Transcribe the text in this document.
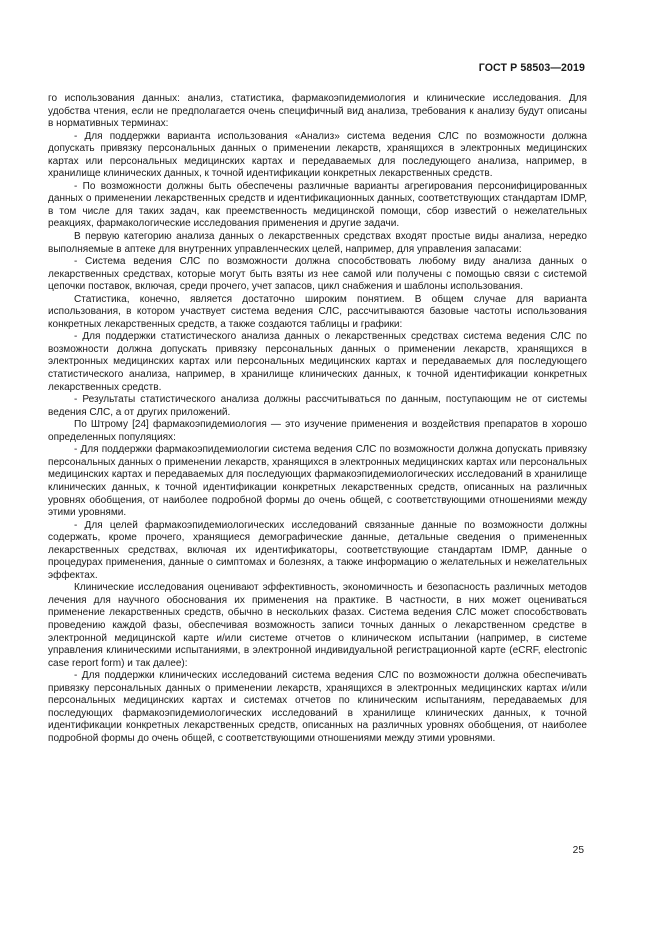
ГОСТ Р 58503—2019

го использования данных: анализ, статистика, фармакоэпидемиология и клинические исследования. Для удобства чтения, если не предполагается очень специфичный вид анализа, требования к анализу будут описаны в нормативных терминах:

- Для поддержки варианта использования «Анализ» система ведения СЛС по возможности должна допускать привязку персональных данных о применении лекарств, хранящихся в электронных медицинских картах или персональных медицинских картах и передаваемых для последующего анализа, например, в хранилище клинических данных, к точной идентификации конкретных лекарственных средств.

- По возможности должны быть обеспечены различные варианты агрегирования персонифицированных данных о применении лекарственных средств и идентификационных данных, соответствующих стандартам IDMP, в том числе для таких задач, как преемственность медицинской помощи, сбор известий о нежелательных реакциях, фармакологические исследования применения и другие задачи.

В первую категорию анализа данных о лекарственных средствах входят простые виды анализа, нередко выполняемые в аптеке для внутренних управленческих целей, например, для управления запасами:

- Система ведения СЛС по возможности должна способствовать любому виду анализа данных о лекарственных средствах, которые могут быть взяты из нее самой или получены с помощью связи с системой цепочки поставок, включая, среди прочего, учет запасов, цикл снабжения и шаблоны использования.

Статистика, конечно, является достаточно широким понятием. В общем случае для варианта использования, в котором участвует система ведения СЛС, рассчитываются базовые частоты использования конкретных лекарственных средств, а также создаются таблицы и графики:

- Для поддержки статистического анализа данных о лекарственных средствах система ведения СЛС по возможности должна допускать привязку персональных данных о применении лекарств, хранящихся в электронных медицинских картах или персональных медицинских картах и передаваемых для последующего статистического анализа, например, в хранилище клинических данных, к точной идентификации конкретных лекарственных средств.

- Результаты статистического анализа должны рассчитываться по данным, поступающим не от системы ведения СЛС, а от других приложений.

По Штрому [24] фармакоэпидемиология — это изучение применения и воздействия препаратов в хорошо определенных популяциях:

- Для поддержки фармакоэпидемиологии система ведения СЛС по возможности должна допускать привязку персональных данных о применении лекарств, хранящихся в электронных медицинских картах или персональных медицинских картах и передаваемых для последующих фармакоэпидемиологических исследований в хранилище клинических данных, к точной идентификации конкретных лекарственных средств, описанных на различных уровнях обобщения, от наиболее подробной формы до очень общей, с соответствующими отношениями между этими уровнями.

- Для целей фармакоэпидемиологических исследований связанные данные по возможности должны содержать, кроме прочего, хранящиеся демографические данные, детальные сведения о примененных лекарственных средствах, включая их идентификаторы, соответствующие стандартам IDMP, данные о процедурах применения, данные о симптомах и болезнях, а также информацию о желательных и нежелательных эффектах.

Клинические исследования оценивают эффективность, экономичность и безопасность различных методов лечения для научного обоснования их применения на практике. В частности, в них может оцениваться применение лекарственных средств, обычно в нескольких фазах. Система ведения СЛС может способствовать проведению каждой фазы, обеспечивая возможность записи точных данных о лекарственном средстве в электронной медицинской карте и/или системе отчетов о клиническом испытании (например, в системе управления клиническими испытаниями, в электронной индивидуальной регистрационной карте (eCRF, electronic case report form) и так далее):

- Для поддержки клинических исследований система ведения СЛС по возможности должна обеспечивать привязку персональных данных о применении лекарств, хранящихся в электронных медицинских картах и/или персональных медицинских картах и системах отчетов по клиническим испытаниям, передаваемых для последующих фармакоэпидемиологических исследований в хранилище клинических данных, к точной идентификации конкретных лекарственных средств, описанных на различных уровнях обобщения, от наиболее подробной формы до очень общей, с соответствующими отношениями между этими уровнями.

25
